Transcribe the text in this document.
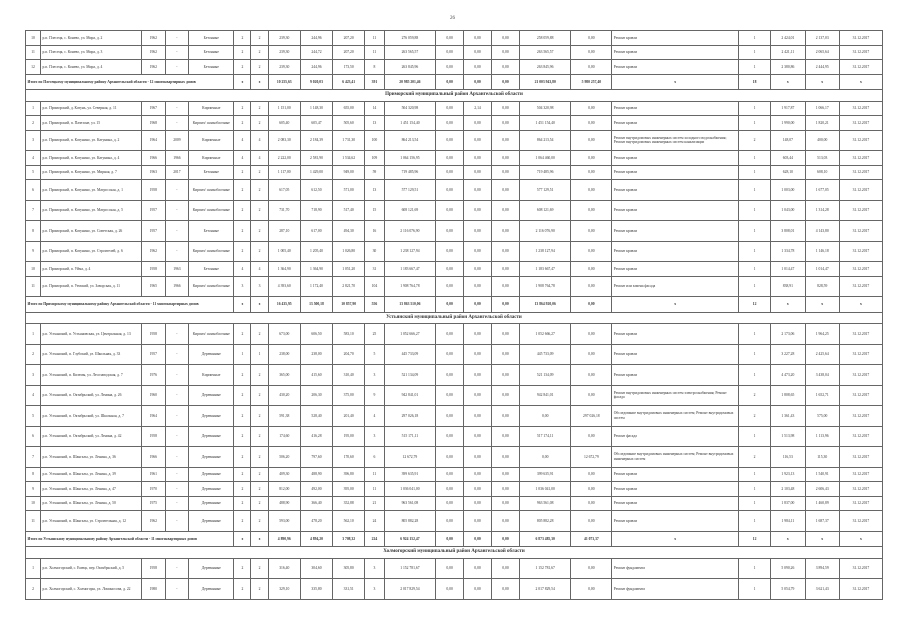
26
10	р.п. Плесецк, с. Конево, ул. Мира, д. 2	1962	-	Бетонные	2	2	239,30	244,96	207,20	11	276 059,88	0,00	0,00	0,00	258 059,88	0,00	Ремонт кровли	1	2 424,01	2 137,03	31.12.2017
11	р.п. Плесецк, с. Конево, ул. Мира, д. 3	1962	-	Бетонные	2	2	239,30	244,72	207,20	11	263 565,57	0,00	0,00	0,00	263 565,57	0,00	Ремонт кровли	1	2 421,11	2 065,64	31.12.2017
12	р.п. Плесецк, с. Конево, ул. Мира, д. 4	1962	-	Бетонные	2	2	239,30	244,96	173,50	8	263 845,96	0,00	0,00	0,00	263 845,96	0,00	Ремонт кровли	1	2 380,86	2 444,95	31.12.2017
Итого по Плесецкому муниципальному району Архангельской области - 12 многоквартирных домов					х	х	10 255,63	9 020,03	6 423,41	391	20 985 201,46	0,00	0,00	0,00	21 003 943,80	5 980 257,40	х	18	х	х	х
Приморский муниципальный район Архангельской области																					
1	р.п. Приморский, д. Катунь, ул. Северная, д. 11	1967	-	Кирпичные	2	2	1 151,00	1 148,30	655,00	14	504 320,98	0,00	2,14	0,00	504 320,98	0,00	Ремонт кровли	1	1 917,87	1 066,17	31.12.2017
2	р.п. Приморский, п. Пачезоне, ул. 15	1968	-	Кирпич/ шлакоблочные	2	2	605,40	605,47	505,60	13	1 451 154,40	0,00	0,00	0,00	1 451 154,40	0,00	Ремонт кровли	1	1 990,00	1 820,21	31.12.2017
3	р.п. Приморский, п. Катунино, ул. Катунина, д. 2	1964	2009	Кирпичные	4	4	2 083,30	2 184,39	1 731,30	100	864 213,54	0,00	0,00	0,00	864 213,54	0,00	Ремонт внутридомовых инженерных систем холодного водоснабжения; Ремонт внутридомовых инженерных систем канализации	2	148,07	400,00	31.12.2017
4	р.п. Приморский, п. Катунино, ул. Катунина, д. 4	1966	1966	Кирпичные	4	4	2 222,00	2 581,90	1 534,62	109	1 064 156,95	0,00	0,00	0,00	1 064 460,00	0,00	Ремонт кровли	1	603,44	513,03	31.12.2017
5	р.п. Приморский, п. Катунино, ул. Мирная, д. 7	1963	2017	Бетонные	2	2	1 117,00	1 429,00	949,00	59	719 485,96	0,00	0,00	0,00	719 485,96	0,00	Ремонт кровли	1	628,10	608,10	31.12.2017
6	р.п. Приморский, п. Катунино, ул. Матросская, д. 1	1958	-	Кирпич/ шлакоблочные	2	2	617,05	612,50	571,00	13	577 129,51	0,00	0,00	0,00	577 129,51	0,00	Ремонт кровли	1	1 003,00	1 677,05	31.12.2017
7	р.п. Приморский, п. Катунино, ул. Матросская, д. 5	1957	-	Кирпич/ шлакоблочные	2	2	731,70	718,90	517,40	15	608 121,69	0,00	0,00	0,00	608 121,69	0,00	Ремонт кровли	1	1 043,00	1 314,28	31.12.2017
8	р.п. Приморский, п. Катунино, ул. Советская, д. 26	1957	-	Бетонные	2	2	287,10	617,00	494,30	16	2 116 076,90	0,00	0,00	0,00	2 116 076,90	0,00	Ремонт кровли	1	3 808,01	4 143,80	31.12.2017
9	р.п. Приморский, п. Катунино, ул. Строителей, д. 6	1962	-	Кирпич/ шлакоблочные	2	2	1 005,40	1 205,40	1 026,80	30	1 238 127,94	0,00	0,00	0,00	1 238 127,94	0,00	Ремонт кровли	1	1 334,78	1 146,18	31.12.2017
10	р.п. Приморский, п. Уйма, д. 4	1958	1963	Бетонные	4	4	1 364,90	1 364,90	1 051,20	31	1 183 667,47	0,00	0,00	0,00	1 183 667,47	0,00	Ремонт кровли	1	1 014,47	1 014,47	31.12.2017
11	р.п. Приморский, п. Уемский, ул. Заводская, д. 11	1965	1966	Кирпич/ шлакоблочные	3	3	4 393,60	1 172,40	2 821,70	104	1 908 764,78	0,00	0,00	0,00	1 908 764,78	0,00	Ремонт или замена фасада	1	838,91	828,59	31.12.2017
Итого по Приморскому муниципальному району Архангельской области - 11 многоквартирных домов					х	х	16 435,95	13 500,18	10 857,90	556	13 863 510,06	0,00	0,00	0,00	13 864 920,06	0,00	х	12	х	х	х
Устьянский муниципальный район Архангельской области																					
1	р.п. Устьянский, п. Устьяновская, ул. Центральная, д. 13	1958	-	Кирпич/ шлакоблочные	2	2	673,00	606,50	583,10	25	1 052 666,27	0,00	0,00	0,00	1 052 666,27	0,00	Ремонт кровли	1	2 173,06	1 964,25	31.12.2017
2	р.п. Устьянский, п. Глубокий, ул. Школьная, д. 33	1957	-	Деревянные	1	1	238,00	238,00	204,70	5	445 733,09	0,00	0,00	0,00	445 733,09	0,00	Ремонт кровли	1	3 227,28	2 425,64	31.12.2017
3	р.п. Устьянский, п. Киземы, ул. Лесозаводская, д. 7	1976	-	Кирпичные	2	2	365,00	415,60	310,40	3	521 134,09	0,00	0,00	0,00	521 134,09	0,00	Ремонт кровли	1	4 473,20	3 438,04	31.12.2017
4	р.п. Устьянский, п. Октябрьский, ул. Ленина, д. 26	1960	-	Деревянные	2	2	430,20	206,30	375,00	9	942 841,01	0,00	0,00	0,00	942 841,01	0,00	Ремонт внутридомовых инженерных систем электроснабжения; Ремонт фасада	2	1 808,65	1 652,71	31.12.2017
5	р.п. Устьянский, п. Октябрьский, ул. Школьная, д. 7	1964	-	Деревянные	2	2	591,38	528,40	201,40	4	297 026,18	0,00	0,00	0,00	0,00	297 026,18	Обследование внутридомовых инженерных систем; Ремонт внутридомовых систем	2	1 361,43	575,00	31.12.2017
6	р.п. Устьянский, п. Октябрьский, ул. Ленина, д. 42	1958	-	Деревянные	2	2	174,60	416,28	195,00	3	515 171,11	0,00	0,00	0,00	517 174,11	0,00	Ремонт фасада	1	1 513,98	1 113,96	31.12.2017
7	р.п. Устьянский, п. Шангалы, ул. Ленина, д. 36	1966	-	Деревянные	2	2	506,20	797,60	170,60	6	12 672,79	0,00	0,00	0,00	0,00	12 672,79	Обследование внутридомовых инженерных систем; Ремонт внутридомовых инженерных систем	2	116,53	115,30	31.12.2017
8	р.п. Устьянский, п. Шангалы, ул. Ленина, д. 39	1961	-	Деревянные	2	2	409,30	488,90	396,80	11	399 635,91	0,00	0,00	0,00	399 635,91	0,00	Ремонт кровли	1	1 923,13	1 540,91	31.12.2017
9	р.п. Устьянский, п. Шангалы, ул. Ленина, д. 47	1970	-	Деревянные	2	2	812,00	492,00	395,00	11	1 036 041,00	0,00	0,00	0,00	1 036 041,00	0,00	Ремонт кровли	1	2 103,48	2 606,43	31.12.2017
10	р.п. Устьянский, п. Шангалы, ул. Ленина, д. 50	1975	-	Деревянные	2	2	488,90	366,40	352,88	21	963 561,08	0,00	0,00	0,00	963 561,08	0,00	Ремонт кровли	1	1 837,00	1 460,89	31.12.2017
11	р.п. Устьянский, п. Шангалы, ул. Строительная, д. 12	1962	-	Деревянные	2	2	593,00	478,20	562,10	24	805 882,28	0,00	0,00	0,00	805 882,28	0,00	Ремонт кровли	1	1 984,11	1 687,37	31.12.2017
Итого по Устьянскому муниципальному району Архангельской области - 11 многоквартирных домов					х	х	4 890,96	4 894,20	3 708,32	224	6 924 152,47	0,00	0,00	0,00	6 873 485,30	41 073,37	х	12	х	х	х
Холмогорский муниципальный район Архангельской области																					
1	р.п. Холмогорский, с. Емецк, пер. Октябрьский, д. 5	1958	-	Деревянные	2	2	316,40	304,60	305,80	3	1 152 781,67	0,00	0,00	0,00	1 152 781,67	0,00	Ремонт фундамента	1	5 090,26	3 894,59	31.12.2017
2	р.п. Холмогорский, с. Холмогоры, ул. Ломоносова, д. 22	1980	-	Деревянные	2	2	329,10	335,80	331,51	3	2 017 829,54	0,00	0,00	0,00	2 017 829,54	0,00	Ремонт фундамента	1	5 054,79	3 621,43	31.12.2017
